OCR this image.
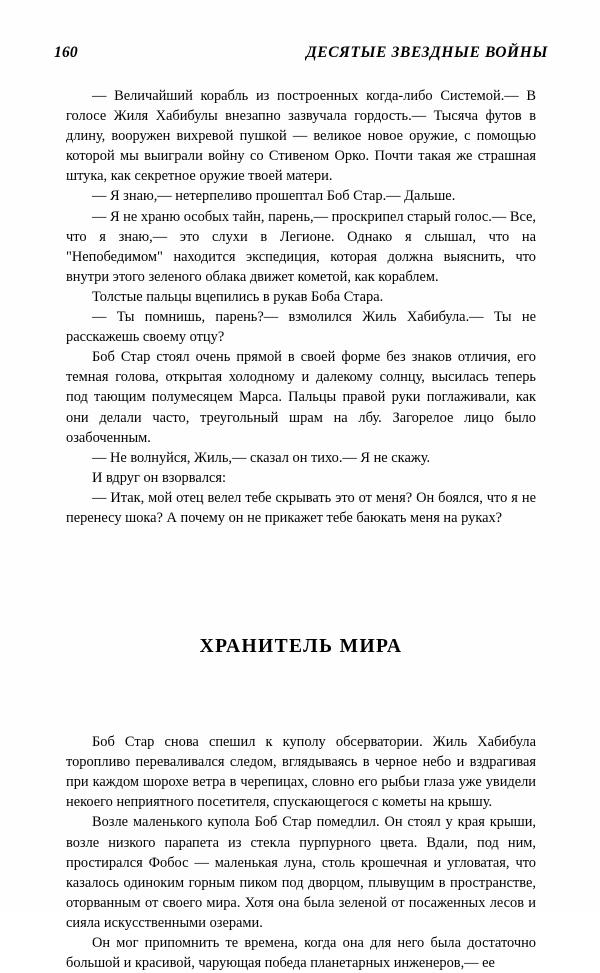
160	ДЕСЯТЫЕ ЗВЕЗДНЫЕ ВОЙНЫ

— Величайший корабль из построенных когда-либо Системой.— В голосе Жиля Хабибулы внезапно зазвучала гордость.— Тысяча футов в длину, вооружен вихревой пушкой — великое новое оружие, с помощью которой мы выиграли войну со Стивеном Орко. Почти такая же страшная штука, как секретное оружие твоей матери.

— Я знаю,— нетерпеливо прошептал Боб Стар.— Дальше.

— Я не храню особых тайн, парень,— проскрипел старый голос.— Все, что я знаю,— это слухи в Легионе. Однако я слышал, что на "Непобедимом" находится экспедиция, которая должна выяснить, что внутри этого зеленого облака движет кометой, как кораблем.

Толстые пальцы вцепились в рукав Боба Стара.

— Ты помнишь, парень?— взмолился Жиль Хабибула.— Ты не расскажешь своему отцу?

Боб Стар стоял очень прямой в своей форме без знаков отличия, его темная голова, открытая холодному и далекому солнцу, высилась теперь под тающим полумесяцем Марса. Пальцы правой руки поглаживали, как они делали часто, треугольный шрам на лбу. Загорелое лицо было озабоченным.

— Не волнуйся, Жиль,— сказал он тихо.— Я не скажу.

И вдруг он взорвался:

— Итак, мой отец велел тебе скрывать это от меня? Он боялся, что я не перенесу шока? А почему он не прикажет тебе баюкать меня на руках?

ХРАНИТЕЛЬ МИРА

Боб Стар снова спешил к куполу обсерватории. Жиль Хабибула торопливо переваливался следом, вглядываясь в черное небо и вздрагивая при каждом шорохе ветра в черепицах, словно его рыбьи глаза уже увидели некоего неприятного посетителя, спускающегося с кометы на крышу.

Возле маленького купола Боб Стар помедлил. Он стоял у края крыши, возле низкого парапета из стекла пурпурного цвета. Вдали, под ним, простирался Фобос — маленькая луна, столь крошечная и угловатая, что казалось одиноким горным пиком под дворцом, плывущим в пространстве, оторванным от своего мира. Хотя она была зеленой от посаженных лесов и сияла искусственными озерами.

Он мог припомнить те времена, когда она для него была достаточно большой и красивой, чарующая победа планетарных инженеров,— ее
